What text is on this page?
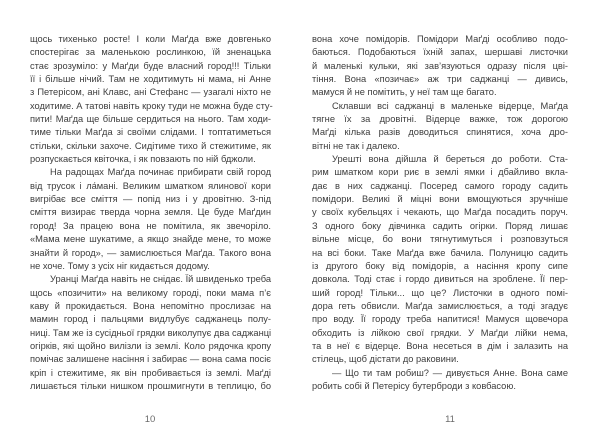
щось тихенько росте! І коли Маґда вже довгенько
спостерігає за маленькою рослинкою, їй зненацька
стає зрозуміло: у Маґди буде власний город!!! Тільки
її і більше нічий. Там не ходитимуть ні мама, ні Анне
з Петерісом, ані Клавс, ані Стефанс — узагалі ніхто не
ходитиме. А татові навіть кроку туди не можна буде сту-
пити! Маґда ще більше сердиться на нього. Там ходи-
тиме тільки Маґда зі своїми слідами. І топтатиметься
стільки, скільки захоче. Сидітиме тихо й стежитиме, як
розпускається квіточка, і як повзають по ній бджоли.
На радощах Маґда починає прибирати свій город
від трусок і ла́мані. Великим шматком ялинової кори
вигрібає все сміття — попід низ і у дровітню. З-під
сміття визирає тверда чорна земля. Це буде Маґдин
город! За працею вона не помітила, як звечоріло.
«Мама мене шукатиме, а якщо знайде мене, то може
знайти й город», — замислюється Маґда. Такого вона
не хоче. Тому з усіх ніг кидається додому.
Уранці Маґда навіть не снідає. Їй швиденько треба
щось «позичити» на великому городі, поки мама п’є
каву й прокидається. Вона непомітно прослизає на
мамин город і пальцями видлубує саджанець полу-
ниці. Там же із сусідньої грядки виколупує два саджанці
огірків, які щойно вилізли із землі. Коло рядочка кропу
помічає залишене насіння і забирає — вона сама посіє
кріп і стежитиме, як він пробивається із землі. Маґді
лишається тільки нишком прошмигнути в теплицю, бо
10
вона хоче помідорів. Помідори Маґді особливо подо-
баються. Подобаються їхній запах, шершаві листочки
й маленькі кульки, які зав’язуються одразу після цві-
тіння. Вона «позичає» аж три саджанці — дивись,
мамуся й не помітить, у неї там ще багато.
Склавши всі саджанці в маленьке відерце, Маґда
тягне їх за дровітні. Відерце важке, тож дорогою
Маґді кілька разів доводиться спинятися, хоча дро-
вітні не так і далеко.
Урешті вона дійшла й береться до роботи. Ста-
рим шматком кори риє в землі ямки і дбайливо вкла-
дає в них саджанці. Посеред самого городу садить
помідори. Великі й міцні вони вмощуються зручніше
у своїх кубельцях і чекають, що Маґда посадить поруч.
З одного боку дівчинка садить огірки. Поряд лишає
вільне місце, бо вони тягнутимуться і розповзуться
на всі боки. Таке Маґда вже бачила. Полуницю садить
із другого боку від помідорів, а насіння кропу сипе
довкола. Тоді стає і гордо дивиться на зроблене. Її пер-
ший город! Тільки... що це? Листочки в одного помі-
дора геть обвисли. Маґда замислюється, а тоді згадує
про воду. Її городу треба напитися! Мамуся щовечора
обходить із лійкою свої грядки. У Маґди лійки нема,
та в неї є відерце. Вона несеться в дім і залазить на
стілець, щоб дістати до раковини.
— Що ти там робиш? — дивується Анне. Вона саме
робить собі й Петерісу бутерброди з ковбасою.
11
